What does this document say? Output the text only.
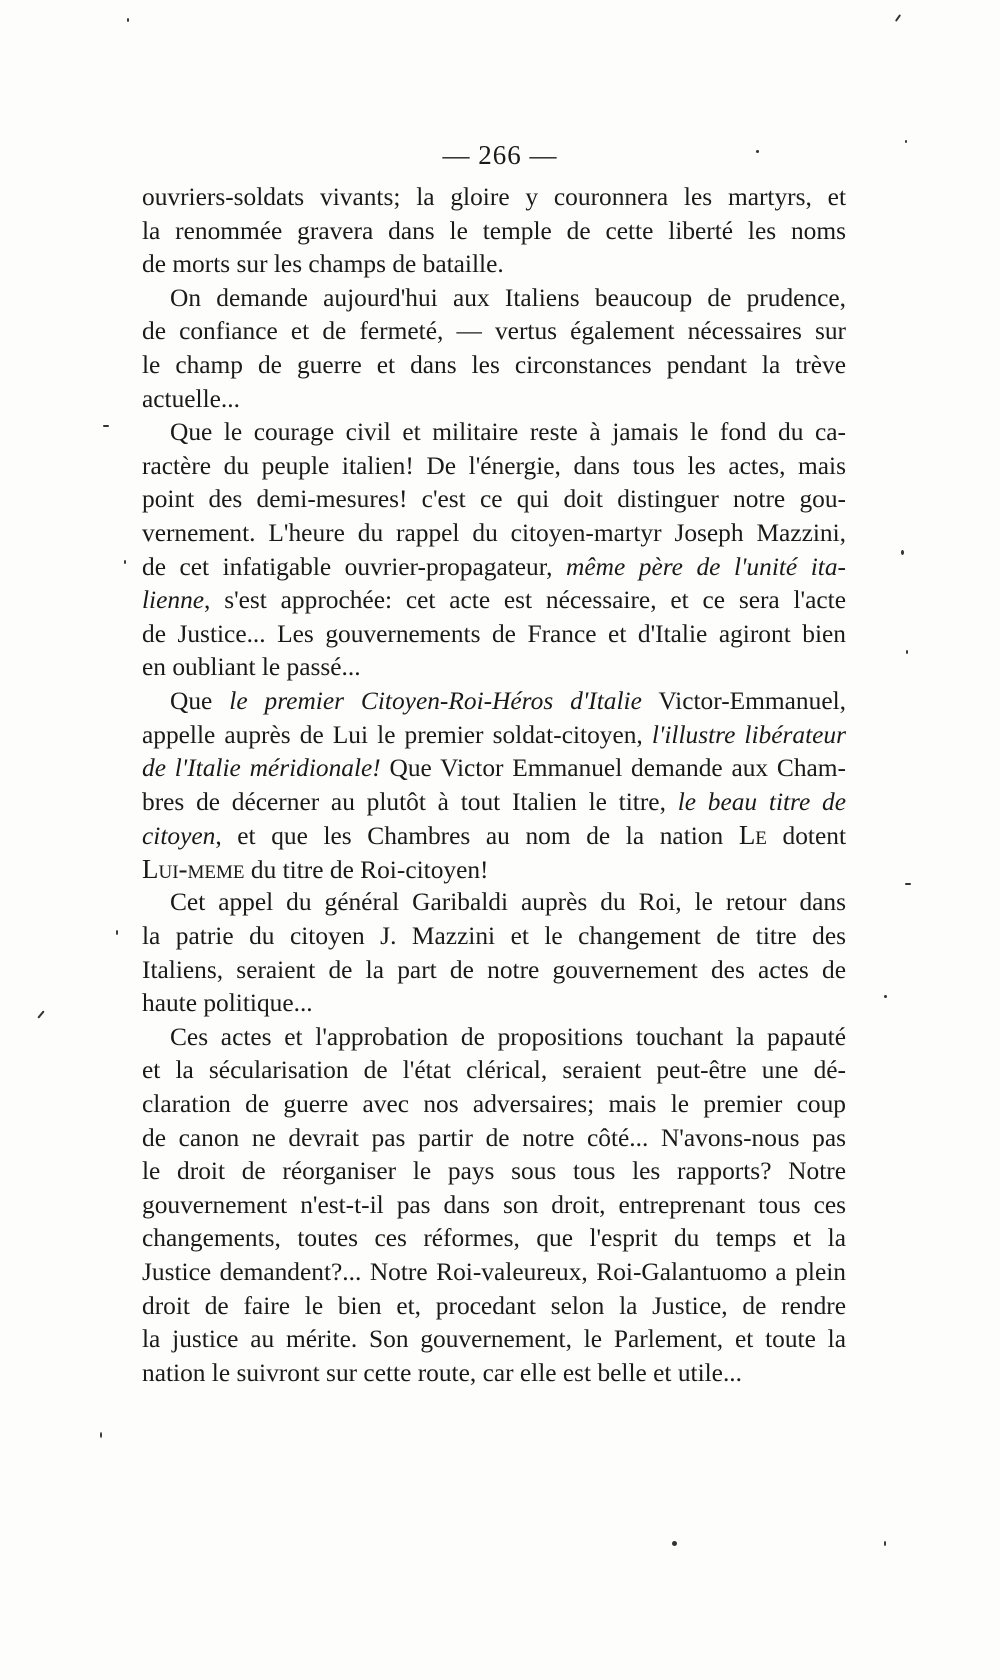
— 266 —
ouvriers-soldats vivants; la gloire y couronnera les martyrs, et
la renommée gravera dans le temple de cette liberté les noms
de morts sur les champs de bataille.
On demande aujourd'hui aux Italiens beaucoup de prudence,
de confiance et de fermeté, — vertus également nécessaires sur
le champ de guerre et dans les circonstances pendant la trève
actuelle...
Que le courage civil et militaire reste à jamais le fond du ca-
ractère du peuple italien! De l'énergie, dans tous les actes, mais
point des demi-mesures! c'est ce qui doit distinguer notre gou-
vernement. L'heure du rappel du citoyen-martyr Joseph Mazzini,
de cet infatigable ouvrier-propagateur, même père de l'unité ita-
lienne, s'est approchée: cet acte est nécessaire, et ce sera l'acte
de Justice... Les gouvernements de France et d'Italie agiront bien
en oubliant le passé...
Que le premier Citoyen-Roi-Héros d'Italie Victor-Emmanuel,
appelle auprès de Lui le premier soldat-citoyen, l'illustre libérateur
de l'Italie méridionale! Que Victor Emmanuel demande aux Cham-
bres de décerner au plutôt à tout Italien le titre, le beau titre de
citoyen, et que les Chambres au nom de la nation Le dotent
Lui-meme du titre de Roi-citoyen!
Cet appel du général Garibaldi auprès du Roi, le retour dans
la patrie du citoyen J. Mazzini et le changement de titre des
Italiens, seraient de la part de notre gouvernement des actes de
haute politique...
Ces actes et l'approbation de propositions touchant la papauté
et la sécularisation de l'état clérical, seraient peut-être une dé-
claration de guerre avec nos adversaires; mais le premier coup
de canon ne devrait pas partir de notre côté... N'avons-nous pas
le droit de réorganiser le pays sous tous les rapports? Notre
gouvernement n'est-t-il pas dans son droit, entreprenant tous ces
changements, toutes ces réformes, que l'esprit du temps et la
Justice demandent?... Notre Roi-valeureux, Roi-Galantuomo a plein
droit de faire le bien et, procedant selon la Justice, de rendre
la justice au mérite. Son gouvernement, le Parlement, et toute la
nation le suivront sur cette route, car elle est belle et utile...
